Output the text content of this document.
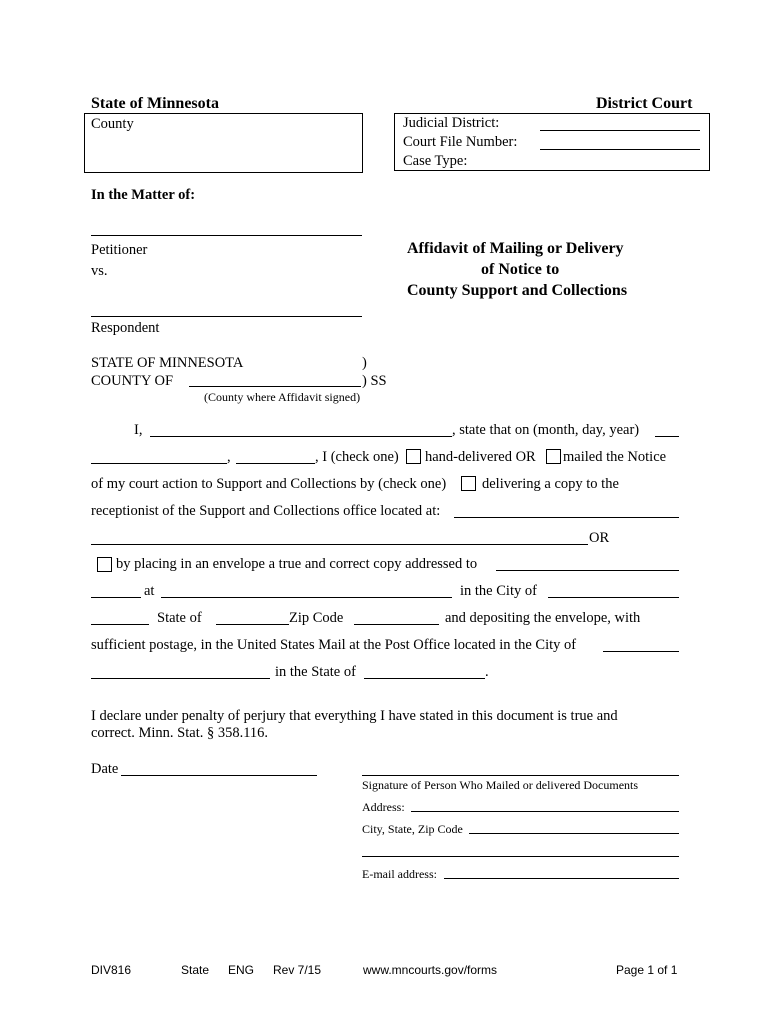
State of Minnesota	District Court
County	Judicial District:
Court File Number:
Case Type:
In the Matter of:
Petitioner
vs.
Respondent
Affidavit of Mailing or Delivery
of Notice to
County Support and Collections
STATE OF MINNESOTA	)
COUNTY OF	) SS
(County where Affidavit signed)
I,	, state that on (month, day, year)
,	, I (check one) hand-delivered OR mailed the Notice
of my court action to Support and Collections by (check one) delivering a copy to the
receptionist of the Support and Collections office located at:
OR
by placing in an envelope a true and correct copy addressed to
at	in the City of
State of	Zip Code	and depositing the envelope, with
sufficient postage, in the United States Mail at the Post Office located in the City of
in the State of	.
I declare under penalty of perjury that everything I have stated in this document is true and
correct. Minn. Stat. § 358.116.
Date
Signature of Person Who Mailed or delivered Documents
Address:
City, State, Zip Code
E-mail address:
DIV816	State ENG Rev 7/15	www.mncourts.gov/forms	Page 1 of 1
